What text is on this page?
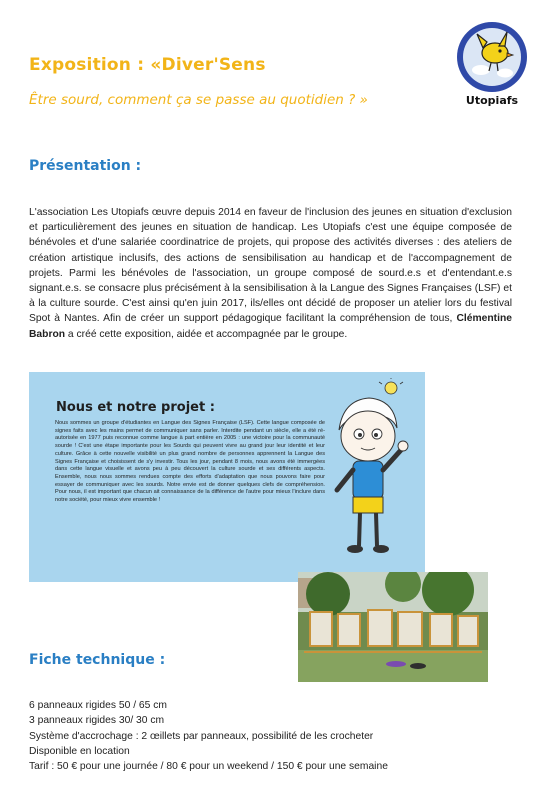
Exposition : «Diver'Sens
Être sourd, comment ça se passe au quotidien ? »	Utopiafs
Présentation :

L'association Les Utopiafs œuvre depuis 2014 en faveur de l'inclusion des jeunes en situation d'exclusion et particulièrement des jeunes en situation de handicap. Les Utopiafs c'est une équipe composée de bénévoles et d'une salariée coordinatrice de projets, qui propose des activités diverses : des ateliers de création artistique inclusifs, des actions de sensibilisation au handicap et de l'accompagnement de projets. Parmi les bénévoles de l'association, un groupe composé de sourd.e.s et d'entendant.e.s signant.e.s. se consacre plus précisément à la sensibilisation à la Langue des Signes Françaises (LSF) et à la culture sourde. C'est ainsi qu'en juin 2017, ils/elles ont décidé de proposer un atelier lors du festival Spot à Nantes. Afin de créer un support pédagogique facilitant la compréhension de tous, Clémentine Babron a créé cette exposition, aidée et accompagnée par le groupe.

Nous et notre projet :

Nous sommes un groupe d'étudiantes en Langue des Signes Française (LSF). Cette langue composée de signes faits avec les mains permet de communiquer sans parler. Interdite pendant un siècle, elle a été ré-autorisée en 1977 puis reconnue comme langue à part entière en 2005 : une victoire pour la communauté sourde ! C'est une étape importante pour les Sourds qui peuvent vivre au grand jour leur identité et leur culture. Grâce à cette nouvelle visibilité un plus grand nombre de personnes apprennent la Langue des Signes Française et choisissent de s'y investir. Tous les jour, pendant 8 mois, nous avons été immergées dans cette langue visuelle et avons peu à peu découvert la culture sourde et ses différents aspects. Ensemble, nous nous sommes rendues compte des efforts d'adaptation que nous pouvons faire pour essayer de communiquer avec les sourds. Notre envie est de donner quelques clefs de compréhension. Pour nous, il est important que chacun ait connaissance de la différence de l'autre pour mieux l'inclure dans notre société, pour mieux vivre ensemble !

Fiche technique :
6 panneaux rigides 50 / 65 cm
3 panneaux rigides 30/ 30 cm
Système d'accrochage : 2 œillets par panneaux, possibilité de les crocheter
Disponible en location
Tarif : 50 € pour une journée / 80 € pour un weekend / 150 € pour une semaine
